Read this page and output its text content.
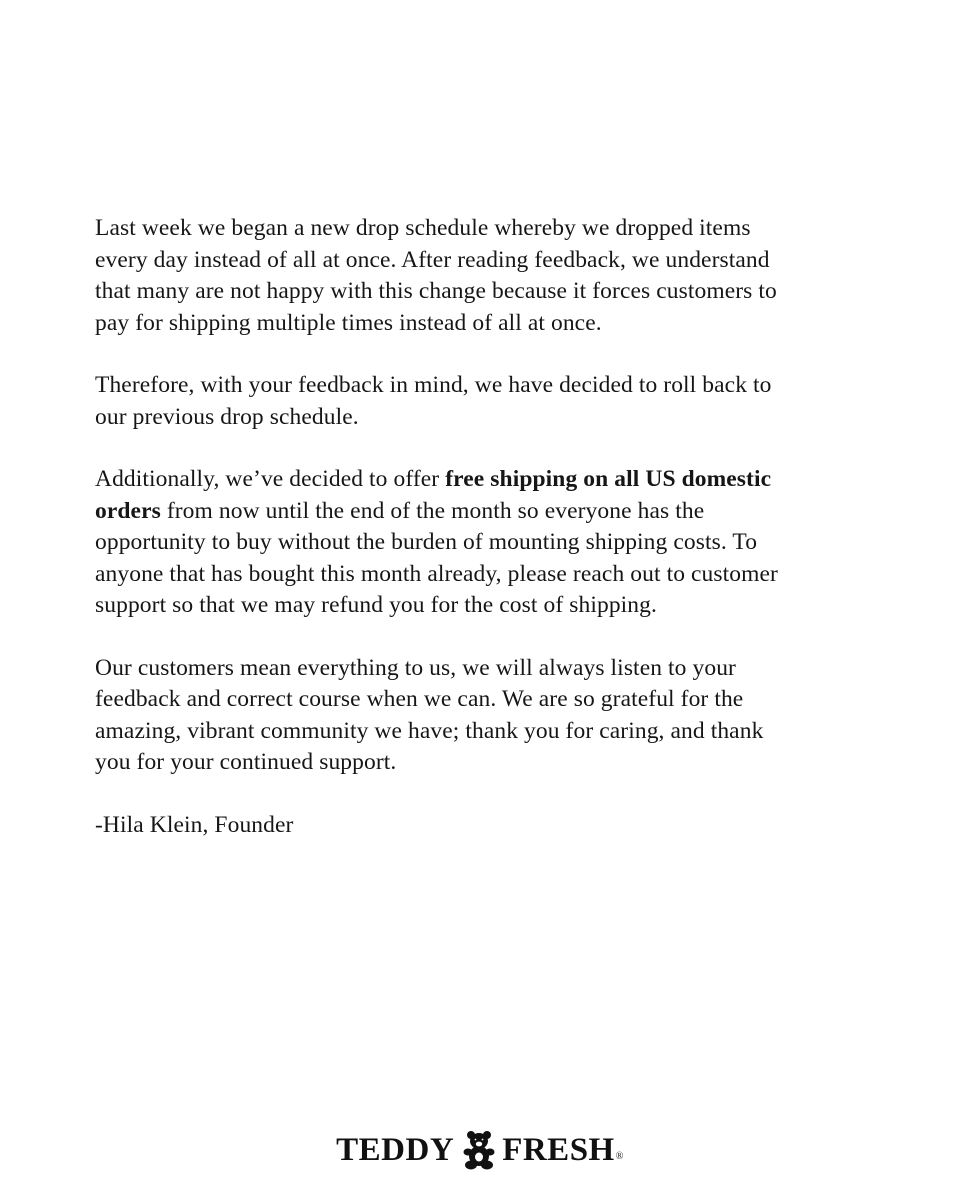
Last week we began a new drop schedule whereby we dropped items
every day instead of all at once. After reading feedback, we understand
that many are not happy with this change because it forces customers to
pay for shipping multiple times instead of all at once.

Therefore, with your feedback in mind, we have decided to roll back to
our previous drop schedule.

Additionally, we’ve decided to offer free shipping on all US domestic
orders from now until the end of the month so everyone has the
opportunity to buy without the burden of mounting shipping costs. To
anyone that has bought this month already, please reach out to customer
support so that we may refund you for the cost of shipping.

Our customers mean everything to us, we will always listen to your
feedback and correct course when we can. We are so grateful for the
amazing, vibrant community we have; thank you for caring, and thank
you for your continued support.

-Hila Klein, Founder

TEDDY FRESH ®
